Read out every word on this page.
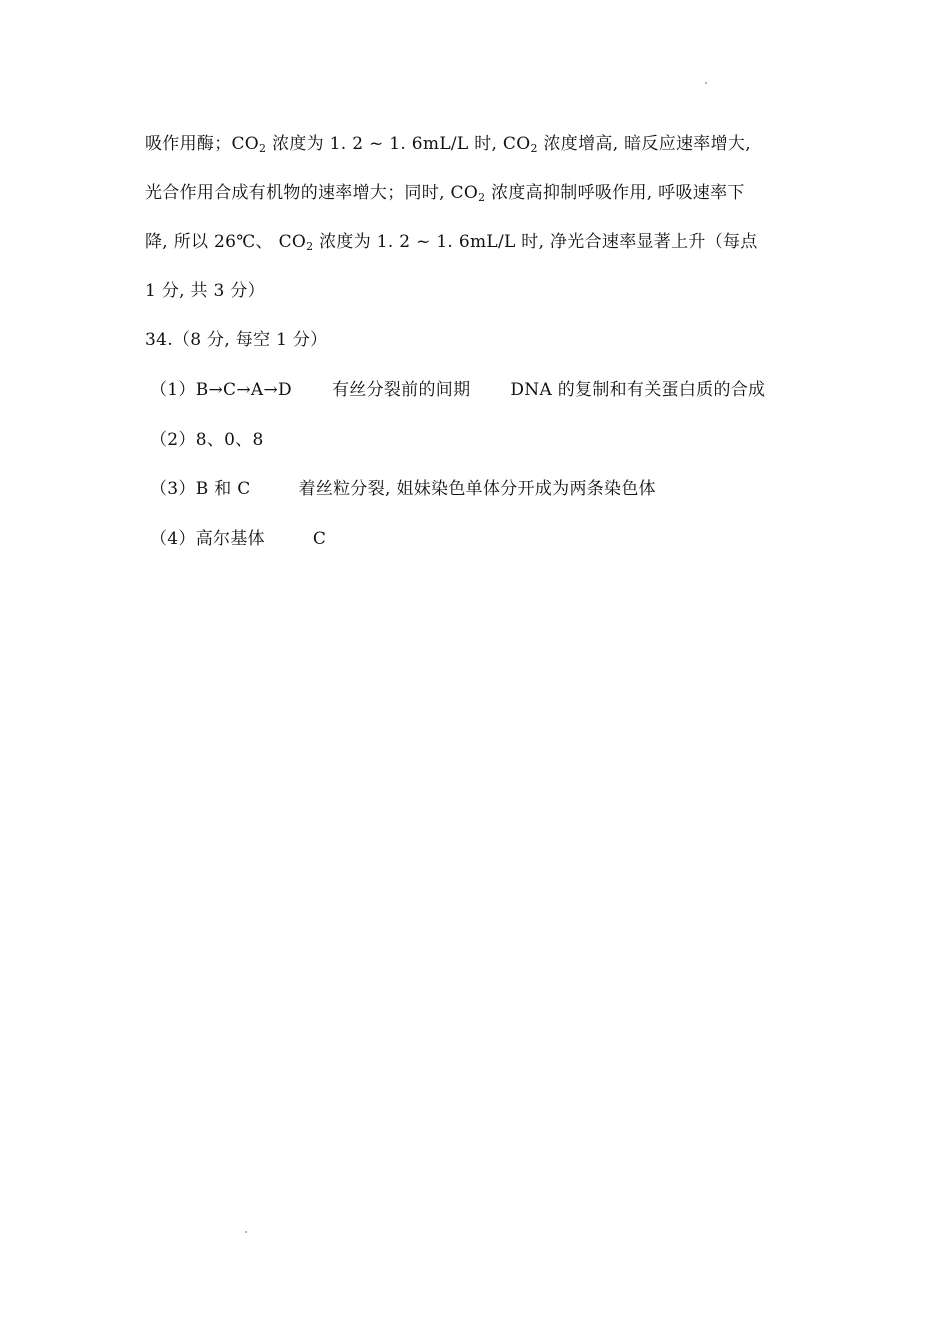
吸作用酶；$CO_2$ 浓度为 1. 2 ~ 1. 6mL/L 时, $CO_2$ 浓度增高, 暗反应速率增大,
光合作用合成有机物的速率增大；同时, $CO_2$ 浓度高抑制呼吸作用, 呼吸速率下
降, 所以 26℃、 $CO_2$ 浓度为 1. 2 ~ 1. 6mL/L 时, 净光合速率显著上升（每点
1 分, 共 3 分）
34.（8 分, 每空 1 分）
（1）B→C→A→D 有丝分裂前的间期 DNA 的复制和有关蛋白质的合成
（2）8、0、8
（3）B 和 C	着丝粒分裂, 姐妹染色单体分开成为两条染色体
（4）高尔基体	C
